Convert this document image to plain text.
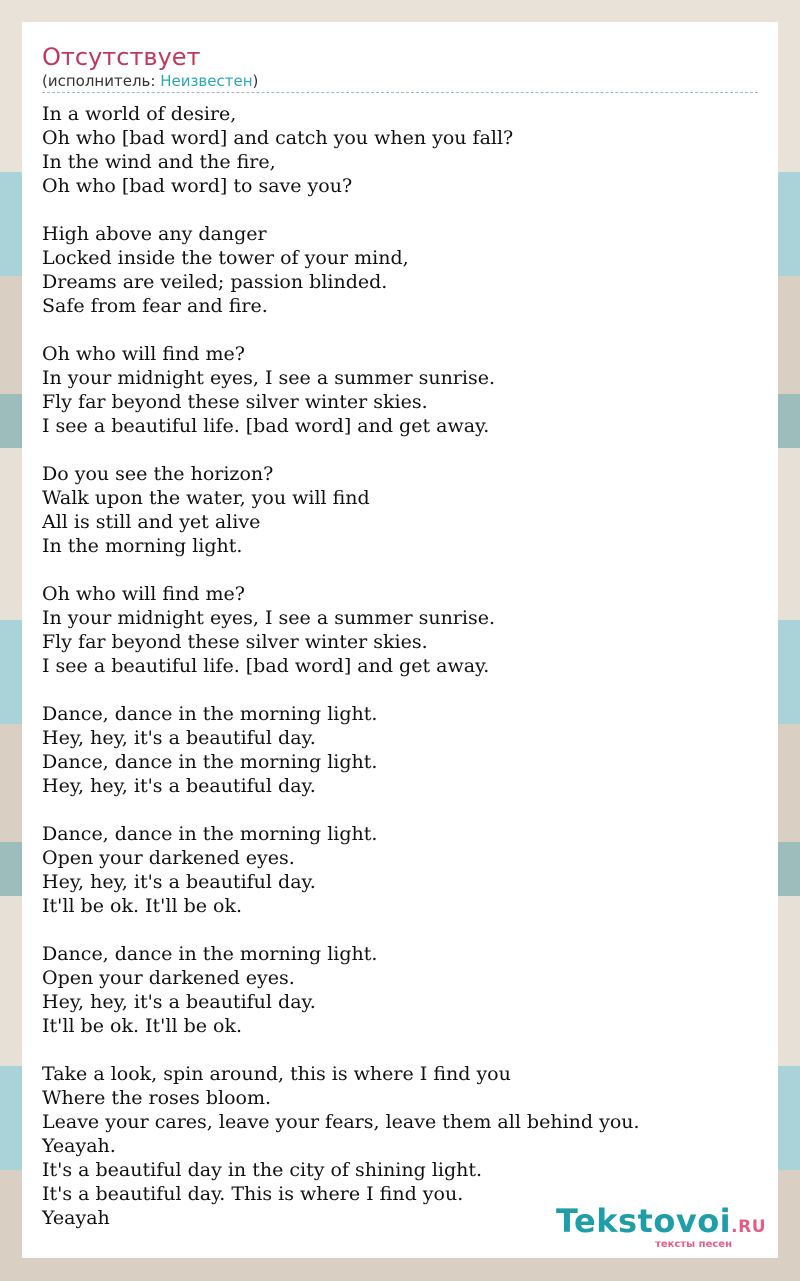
Отсутствует
(исполнитель: Неизвестен)
In a world of desire,
Oh who [bad word] and catch you when you fall?
In the wind and the fire,
Oh who [bad word] to save you?

High above any danger
Locked inside the tower of your mind,
Dreams are veiled; passion blinded.
Safe from fear and fire.

Oh who will find me?
In your midnight eyes, I see a summer sunrise.
Fly far beyond these silver winter skies.
I see a beautiful life. [bad word] and get away.

Do you see the horizon?
Walk upon the water, you will find
All is still and yet alive
In the morning light.

Oh who will find me?
In your midnight eyes, I see a summer sunrise.
Fly far beyond these silver winter skies.
I see a beautiful life. [bad word] and get away.

Dance, dance in the morning light.
Hey, hey, it's a beautiful day.
Dance, dance in the morning light.
Hey, hey, it's a beautiful day.

Dance, dance in the morning light.
Open your darkened eyes.
Hey, hey, it's a beautiful day.
It'll be ok. It'll be ok.

Dance, dance in the morning light.
Open your darkened eyes.
Hey, hey, it's a beautiful day.
It'll be ok. It'll be ok.

Take a look, spin around, this is where I find you
Where the roses bloom.
Leave your cares, leave your fears, leave them all behind you.
Yeayah.
It's a beautiful day in the city of shining light.
It's a beautiful day. This is where I find you.
Yeayah	Tekstovoi.RU
тексты песен
